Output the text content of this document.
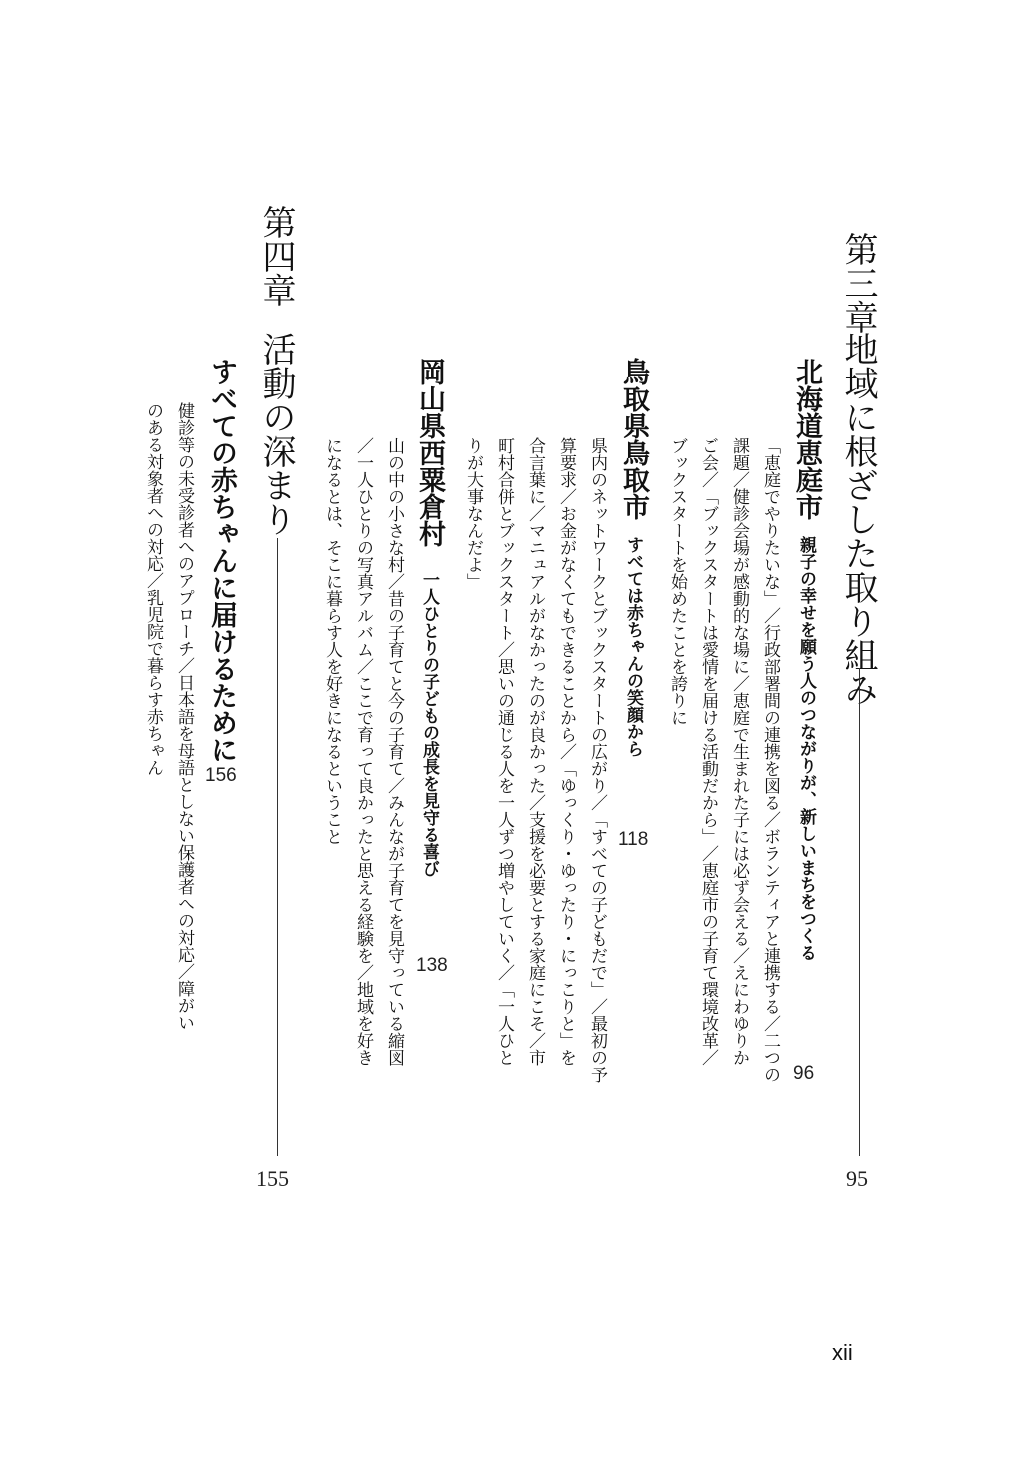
第三章
地域に根ざした取り組み
95
北海道恵庭市
親子の幸せを願う人のつながりが、新しいまちをつくる
96
「恵庭でやりたいな」／行政部署間の連携を図る／ボランティアと連携する／二つの
課題／健診会場が感動的な場に／恵庭で生まれた子には必ず会える／えにわゆりか
ご会／「ブックスタートは愛情を届ける活動だから」／恵庭市の子育て環境改革／
ブックスタートを始めたことを誇りに
鳥取県鳥取市
すべては赤ちゃんの笑顔から
118
県内のネットワークとブックスタートの広がり／「すべての子どもだで」／最初の予
算要求／お金がなくてもできることから／「ゆっくり・ゆったり・にっこりと」を
合言葉に／マニュアルがなかったのが良かった／支援を必要とする家庭にこそ／市
町村合併とブックスタート／思いの通じる人を一人ずつ増やしていく／「一人ひと
りが大事なんだよ」
岡山県西粟倉村
一人ひとりの子どもの成長を見守る喜び
138
山の中の小さな村／昔の子育てと今の子育て／みんなが子育てを見守っている縮図
／一人ひとりの写真アルバム／ここで育って良かったと思える経験を／地域を好き
になるとは、そこに暮らす人を好きになるということ
第四章
活動の深まり
155
すべての赤ちゃんに届けるために
156
健診等の未受診者へのアプローチ／日本語を母語としない保護者への対応／障がい
のある対象者への対応／乳児院で暮らす赤ちゃん
xii
